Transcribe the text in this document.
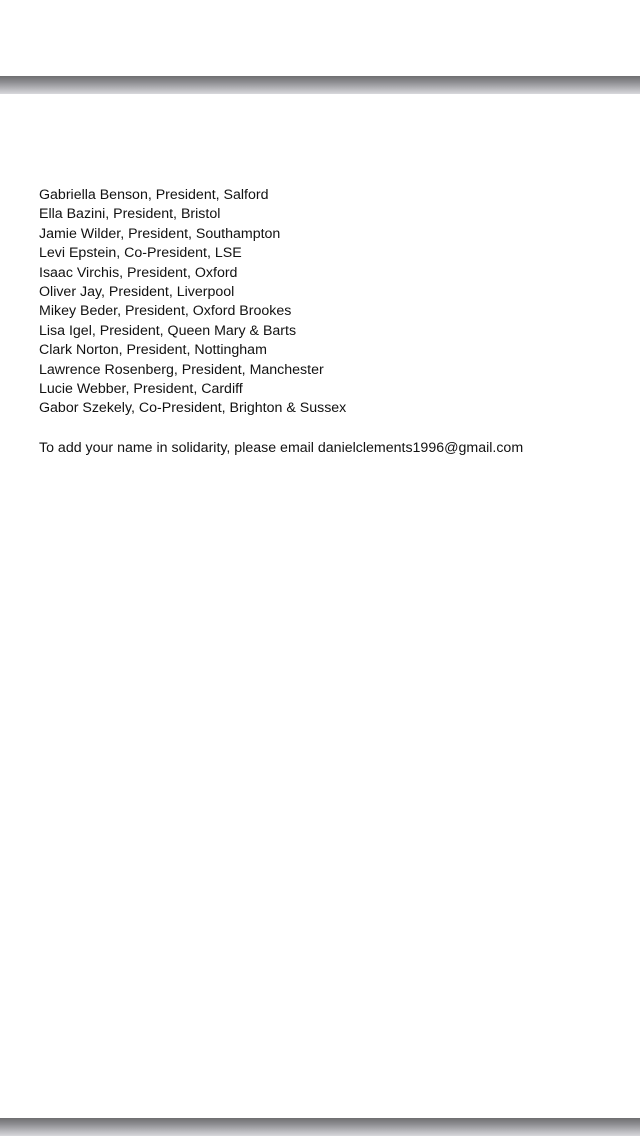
Gabriella Benson, President, Salford
Ella Bazini, President, Bristol
Jamie Wilder, President, Southampton
Levi Epstein, Co-President, LSE
Isaac Virchis, President, Oxford
Oliver Jay, President, Liverpool
Mikey Beder, President, Oxford Brookes
Lisa Igel, President, Queen Mary & Barts
Clark Norton, President, Nottingham
Lawrence Rosenberg, President, Manchester
Lucie Webber, President, Cardiff
Gabor Szekely, Co-President, Brighton & Sussex

To add your name in solidarity, please email danielclements1996@gmail.com
